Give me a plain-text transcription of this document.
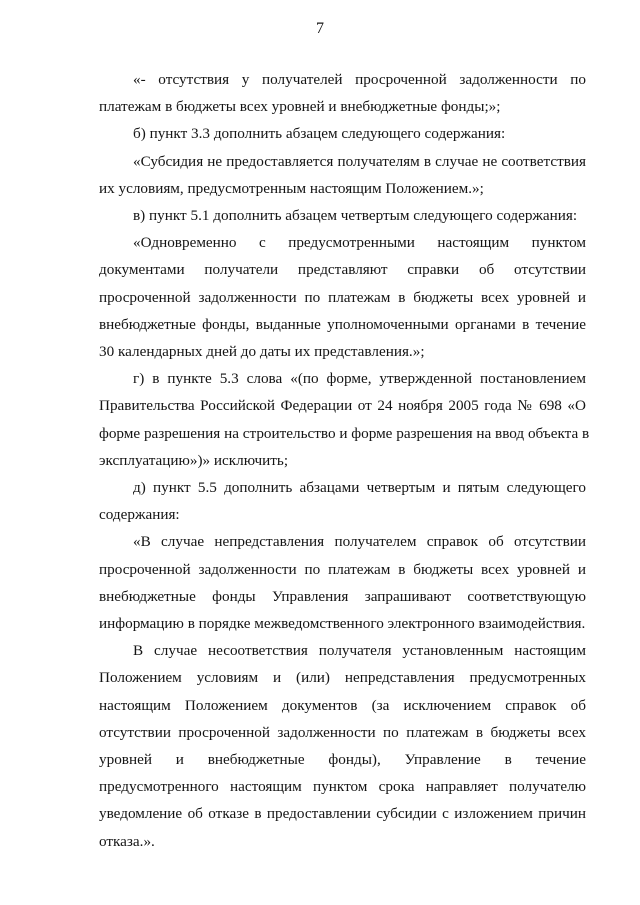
7
«- отсутствия у получателей просроченной задолженности по
платежам в бюджеты всех уровней и внебюджетные фонды;»;
б) пункт 3.3 дополнить абзацем следующего содержания:
«Субсидия не предоставляется получателям в случае не соответствия
их условиям, предусмотренным настоящим Положением.»;
в) пункт 5.1 дополнить абзацем четвертым следующего содержания:
«Одновременно с предусмотренными настоящим пунктом
документами получатели представляют справки об отсутствии
просроченной задолженности по платежам в бюджеты всех уровней и
внебюджетные фонды, выданные уполномоченными органами в течение
30 календарных дней до даты их представления.»;
г) в пункте 5.3 слова «(по форме, утвержденной постановлением
Правительства Российской Федерации от 24 ноября 2005 года № 698 «О
форме разрешения на строительство и форме разрешения на ввод объекта в
эксплуатацию»)» исключить;
д) пункт 5.5 дополнить абзацами четвертым и пятым следующего
содержания:
«В случае непредставления получателем справок об отсутствии
просроченной задолженности по платежам в бюджеты всех уровней и
внебюджетные фонды Управления запрашивают соответствующую
информацию в порядке межведомственного электронного взаимодействия.
В случае несоответствия получателя установленным настоящим
Положением условиям и (или) непредставления предусмотренных
настоящим Положением документов (за исключением справок об
отсутствии просроченной задолженности по платежам в бюджеты всех
уровней и внебюджетные фонды), Управление в течение
предусмотренного настоящим пунктом срока направляет получателю
уведомление об отказе в предоставлении субсидии с изложением причин
отказа.».
